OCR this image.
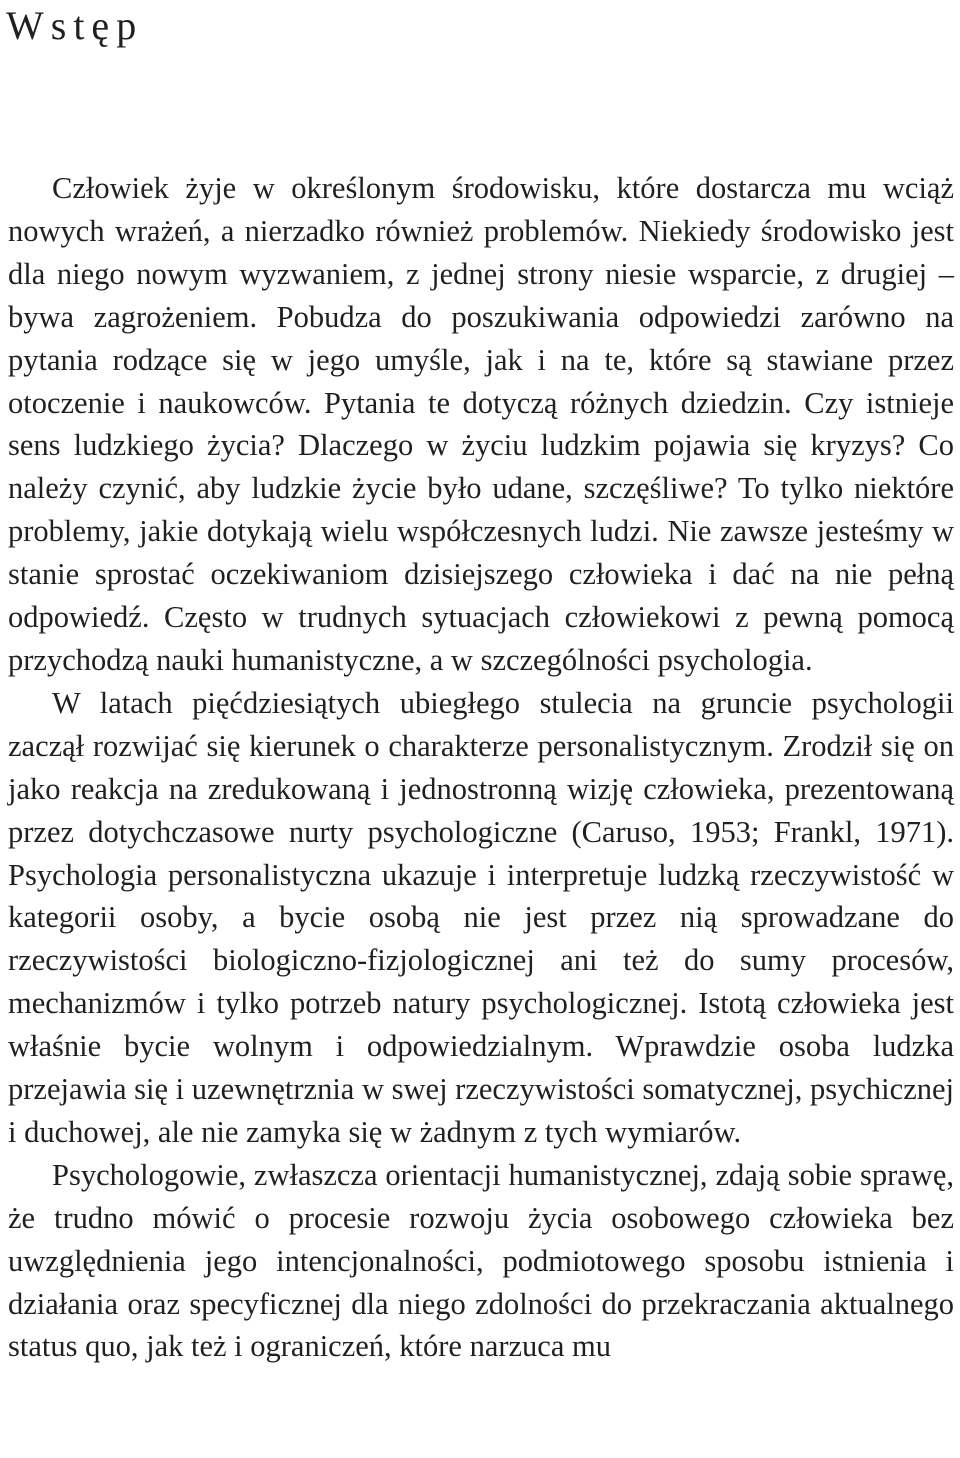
Wstęp

Człowiek żyje w określonym środowisku, które dostarcza mu wciąż nowych wrażeń, a nierzadko również problemów. Niekiedy środowisko jest dla niego nowym wyzwaniem, z jednej strony niesie wsparcie, z drugiej – bywa zagrożeniem. Pobudza do poszukiwania odpowiedzi zarówno na pytania rodzące się w jego umyśle, jak i na te, które są stawiane przez otoczenie i naukowców. Pytania te dotyczą różnych dziedzin. Czy istnieje sens ludzkiego życia? Dlaczego w życiu ludzkim pojawia się kryzys? Co należy czynić, aby ludzkie życie było udane, szczęśliwe? To tylko niektóre problemy, jakie dotykają wielu współczesnych ludzi. Nie zawsze jesteśmy w stanie sprostać oczekiwaniom dzisiejszego człowieka i dać na nie pełną odpowiedź. Często w trudnych sytuacjach człowiekowi z pewną pomocą przychodzą nauki humanistyczne, a w szczególności psychologia.

W latach pięćdziesiątych ubiegłego stulecia na gruncie psychologii zaczął rozwijać się kierunek o charakterze personalistycznym. Zrodził się on jako reakcja na zredukowaną i jednostronną wizję człowieka, prezentowaną przez dotychczasowe nurty psychologiczne (Caruso, 1953; Frankl, 1971). Psychologia personalistyczna ukazuje i interpretuje ludzką rzeczywistość w kategorii osoby, a bycie osobą nie jest przez nią sprowadzane do rzeczywistości biologiczno-fizjologicznej ani też do sumy procesów, mechanizmów i tylko potrzeb natury psychologicznej. Istotą człowieka jest właśnie bycie wolnym i odpowiedzialnym. Wprawdzie osoba ludzka przejawia się i uzewnętrznia w swej rzeczywistości somatycznej, psychicznej i duchowej, ale nie zamyka się w żadnym z tych wymiarów.

Psychologowie, zwłaszcza orientacji humanistycznej, zdają sobie sprawę, że trudno mówić o procesie rozwoju życia osobowego człowieka bez uwzględnienia jego intencjonalności, podmiotowego sposobu istnienia i działania oraz specyficznej dla niego zdolności do przekraczania aktualnego status quo, jak też i ograniczeń, które narzuca mu
